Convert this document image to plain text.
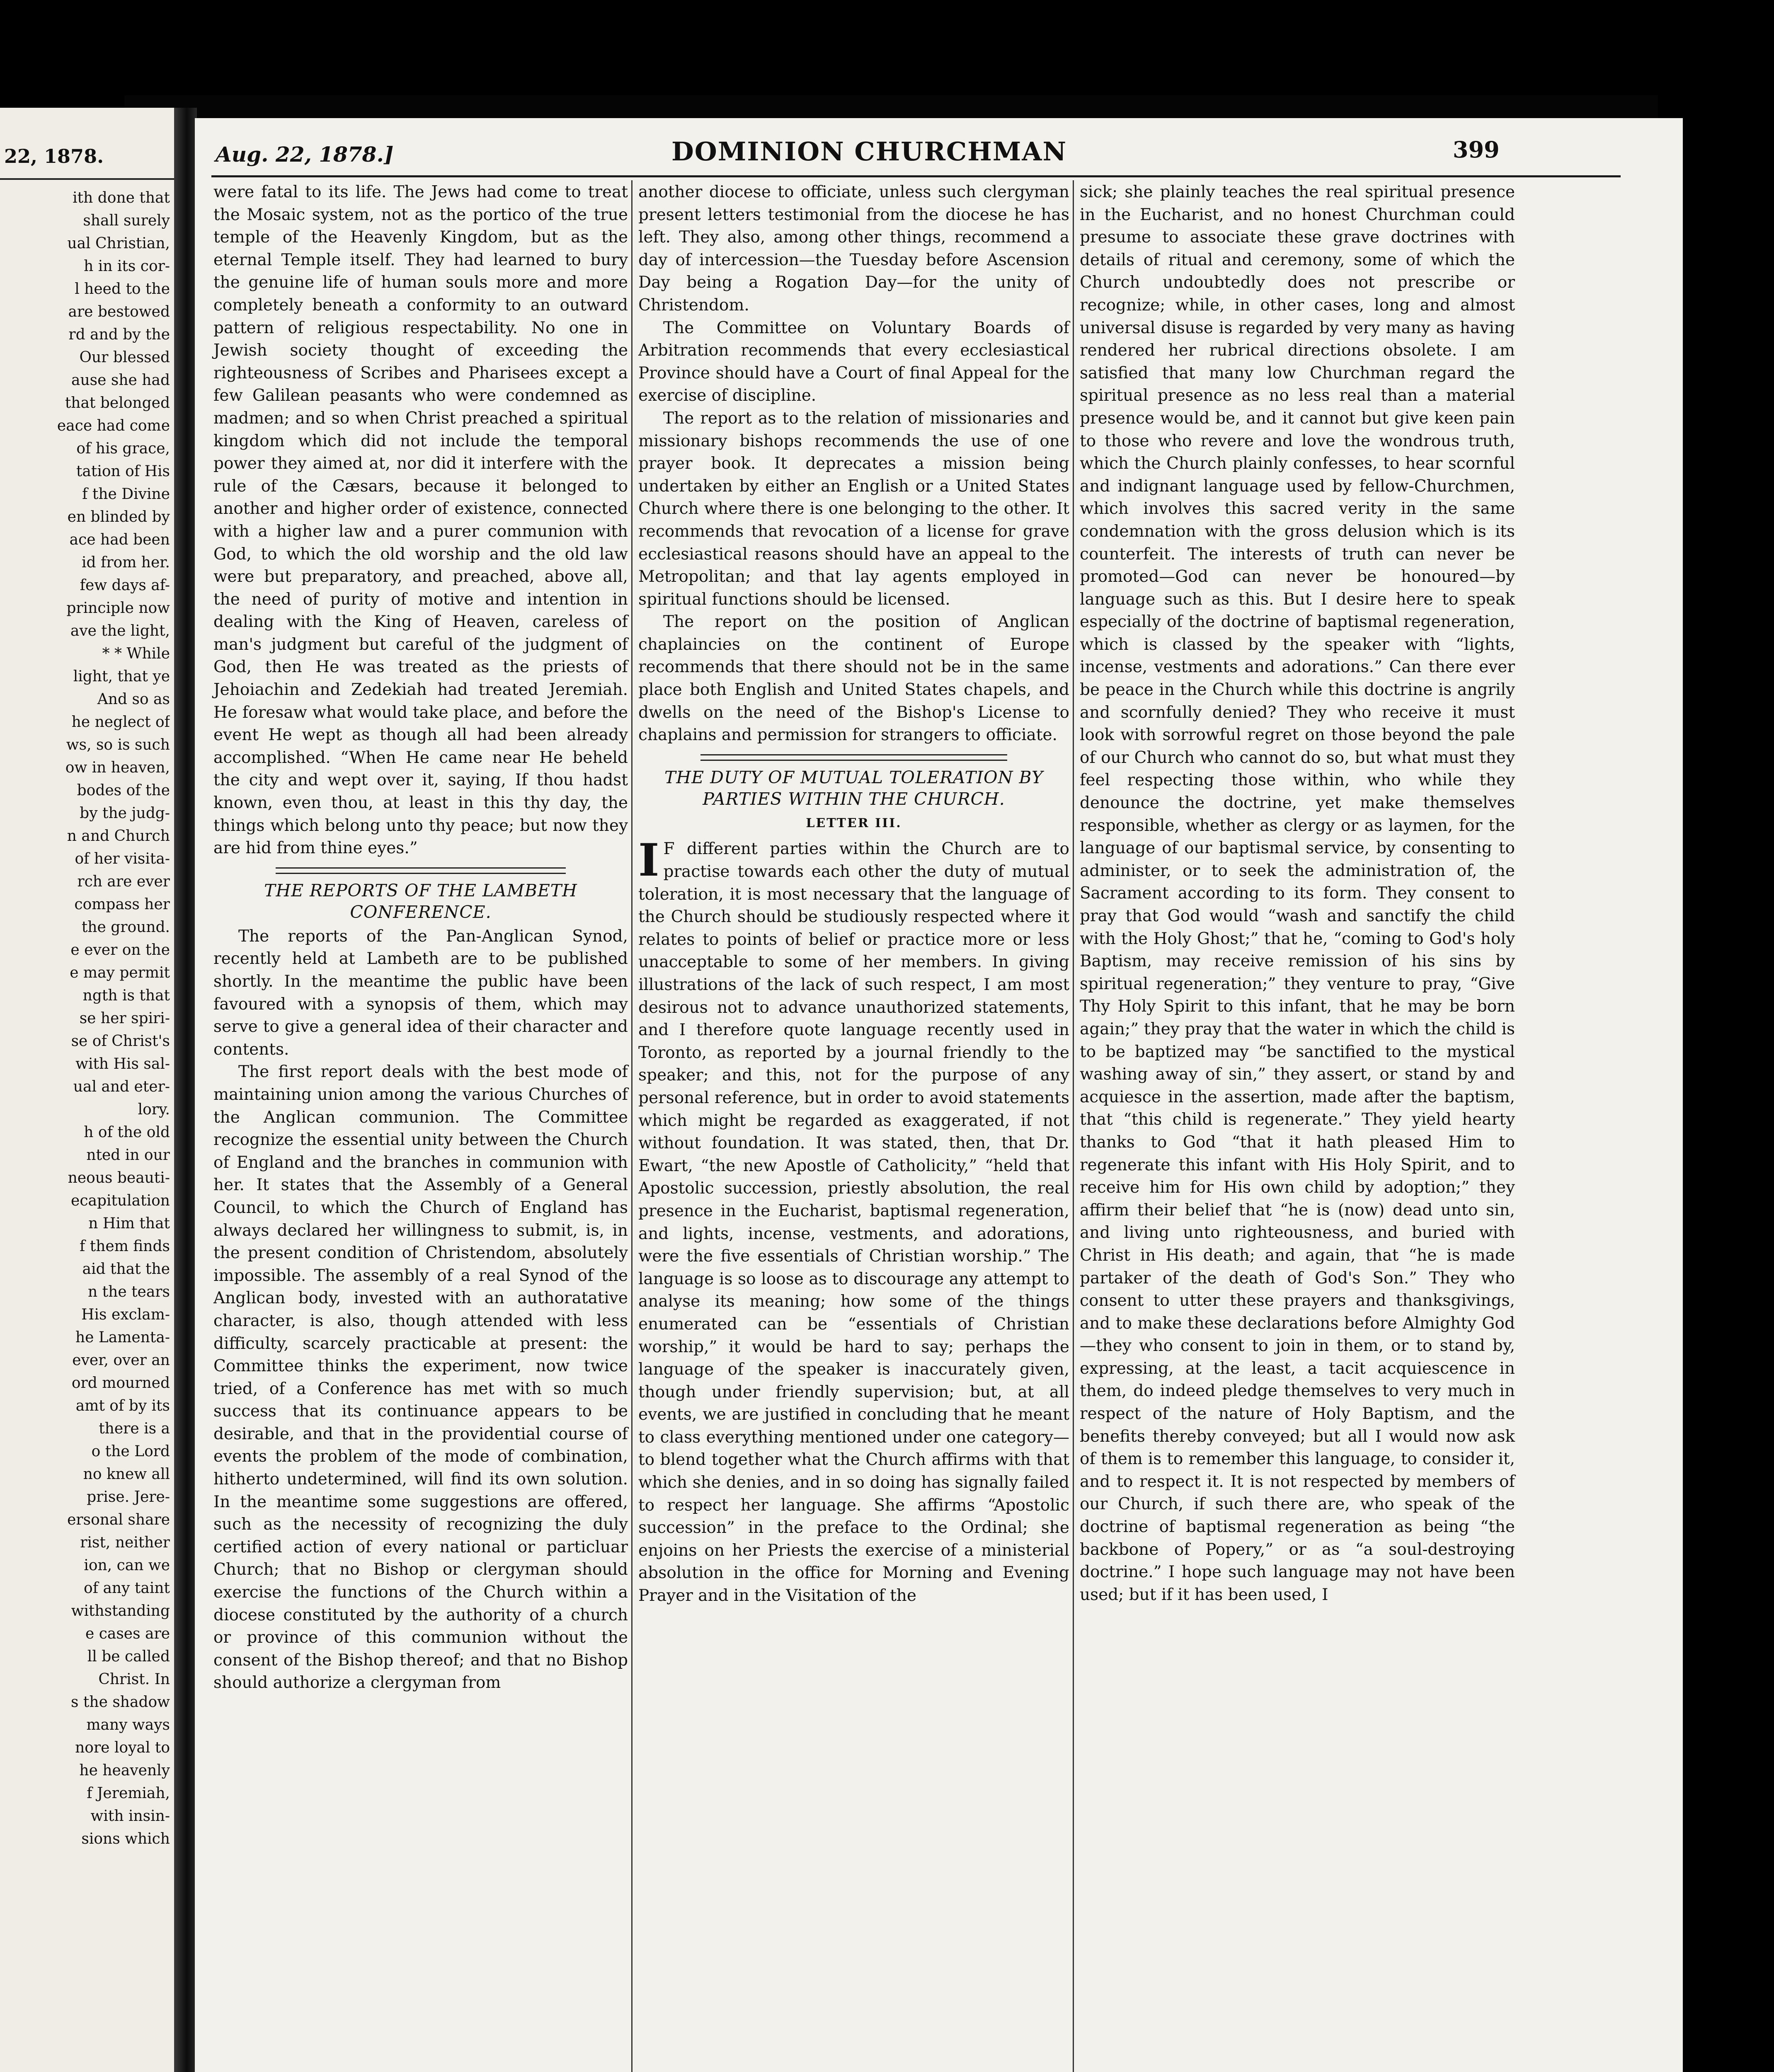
22, 1878.
ith done that
shall surely
ual Christian,
h in its cor-
l heed to the
are bestowed
rd and by the
Our blessed
ause she had
that belonged
eace had come
of his grace,
tation of His
f the Divine
en blinded by
ace had been
id from her.
few days af-
principle now
ave the light,
* * While
light, that ye
And so as
he neglect of
ws, so is such
ow in heaven,
bodes of the
by the judg-
n and Church
of her visita-
rch are ever
compass her
the ground.
e ever on the
e may permit
ngth is that
se her spiri-
se of Christ's
with His sal-
ual and eter-
lory.
h of the old
nted in our
neous beauti-
ecapitulation
n Him that
f them finds
aid that the
n the tears
His exclam-
he Lamenta-
ever, over an
ord mourned
amt of by its
there is a
o the Lord
no knew all
prise. Jere-
ersonal share
rist, neither
ion, can we
of any taint
withstanding
e cases are
ll be called
Christ. In
s the shadow
many ways
nore loyal to
he heavenly
f Jeremiah,
with insin-
sions which
Aug. 22, 1878.]	DOMINION CHURCHMAN	399

were fatal to its life. The Jews had come to treat the Mosaic system, not as the portico of the true temple of the Heavenly Kingdom, but as the eternal Temple itself. They had learned to bury the genuine life of human souls more and more completely beneath a conformity to an outward pattern of religious respectability. No one in Jewish society thought of exceeding the righteousness of Scribes and Pharisees except a few Galilean peasants who were condemned as madmen; and so when Christ preached a spiritual kingdom which did not include the temporal power they aimed at, nor did it interfere with the rule of the Cæsars, because it belonged to another and higher order of existence, connected with a higher law and a purer communion with God, to which the old worship and the old law were but preparatory, and preached, above all, the need of purity of motive and intention in dealing with the King of Heaven, careless of man's judgment but careful of the judgment of God, then He was treated as the priests of Jehoiachin and Zedekiah had treated Jeremiah. He foresaw what would take place, and before the event He wept as though all had been already accomplished. “When He came near He beheld the city and wept over it, saying, If thou hadst known, even thou, at least in this thy day, the things which belong unto thy peace; but now they are hid from thine eyes.”

THE REPORTS OF THE LAMBETH CONFERENCE.

The reports of the Pan-Anglican Synod, recently held at Lambeth are to be published shortly. In the meantime the public have been favoured with a synopsis of them, which may serve to give a general idea of their character and contents.

The first report deals with the best mode of maintaining union among the various Churches of the Anglican communion. The Committee recognize the essential unity between the Church of England and the branches in communion with her. It states that the Assembly of a General Council, to which the Church of England has always declared her willingness to submit, is, in the present condition of Christendom, absolutely impossible. The assembly of a real Synod of the Anglican body, invested with an authoratative character, is also, though attended with less difficulty, scarcely practicable at present: the Committee thinks the experiment, now twice tried, of a Conference has met with so much success that its continuance appears to be desirable, and that in the providential course of events the problem of the mode of combination, hitherto undetermined, will find its own solution. In the meantime some suggestions are offered, such as the necessity of recognizing the duly certified action of every national or particluar Church; that no Bishop or clergyman should exercise the functions of the Church within a diocese constituted by the authority of a church or province of this communion without the consent of the Bishop thereof; and that no Bishop should authorize a clergyman from

another diocese to officiate, unless such clergyman present letters testimonial from the diocese he has left. They also, among other things, recommend a day of intercession—the Tuesday before Ascension Day being a Rogation Day—for the unity of Christendom.

The Committee on Voluntary Boards of Arbitration recommends that every ecclesiastical Province should have a Court of final Appeal for the exercise of discipline.

The report as to the relation of missionaries and missionary bishops recommends the use of one prayer book. It deprecates a mission being undertaken by either an English or a United States Church where there is one belonging to the other. It recommends that revocation of a license for grave ecclesiastical reasons should have an appeal to the Metropolitan; and that lay agents employed in spiritual functions should be licensed.

The report on the position of Anglican chaplaincies on the continent of Europe recommends that there should not be in the same place both English and United States chapels, and dwells on the need of the Bishop's License to chaplains and permission for strangers to officiate.

THE DUTY OF MUTUAL TOLERATION BY PARTIES WITHIN THE CHURCH.
LETTER III.

I F different parties within the Church are to practise towards each other the duty of mutual toleration, it is most necessary that the language of the Church should be studiously respected where it relates to points of belief or practice more or less unacceptable to some of her members. In giving illustrations of the lack of such respect, I am most desirous not to advance unauthorized statements, and I therefore quote language recently used in Toronto, as reported by a journal friendly to the speaker; and this, not for the purpose of any personal reference, but in order to avoid statements which might be regarded as exaggerated, if not without foundation. It was stated, then, that Dr. Ewart, “the new Apostle of Catholicity,” “held that Apostolic succession, priestly absolution, the real presence in the Eucharist, baptismal regeneration, and lights, incense, vestments, and adorations, were the five essentials of Christian worship.” The language is so loose as to discourage any attempt to analyse its meaning; how some of the things enumerated can be “essentials of Christian worship,” it would be hard to say; perhaps the language of the speaker is inaccurately given, though under friendly supervision; but, at all events, we are justified in concluding that he meant to class everything mentioned under one category—to blend together what the Church affirms with that which she denies, and in so doing has signally failed to respect her language. She affirms “Apostolic succession” in the preface to the Ordinal; she enjoins on her Priests the exercise of a ministerial absolution in the office for Morning and Evening Prayer and in the Visitation of the

sick; she plainly teaches the real spiritual presence in the Eucharist, and no honest Churchman could presume to associate these grave doctrines with details of ritual and ceremony, some of which the Church undoubtedly does not prescribe or recognize; while, in other cases, long and almost universal disuse is regarded by very many as having rendered her rubrical directions obsolete. I am satisfied that many low Churchman regard the spiritual presence as no less real than a material presence would be, and it cannot but give keen pain to those who revere and love the wondrous truth, which the Church plainly confesses, to hear scornful and indignant language used by fellow-Churchmen, which involves this sacred verity in the same condemnation with the gross delusion which is its counterfeit. The interests of truth can never be promoted—God can never be honoured—by language such as this. But I desire here to speak especially of the doctrine of baptismal regeneration, which is classed by the speaker with “lights, incense, vestments and adorations.” Can there ever be peace in the Church while this doctrine is angrily and scornfully denied? They who receive it must look with sorrowful regret on those beyond the pale of our Church who cannot do so, but what must they feel respecting those within, who while they denounce the doctrine, yet make themselves responsible, whether as clergy or as laymen, for the language of our baptismal service, by consenting to administer, or to seek the administration of, the Sacrament according to its form. They consent to pray that God would “wash and sanctify the child with the Holy Ghost;” that he, “coming to God's holy Baptism, may receive remission of his sins by spiritual regeneration;” they venture to pray, “Give Thy Holy Spirit to this infant, that he may be born again;” they pray that the water in which the child is to be baptized may “be sanctified to the mystical washing away of sin,” they assert, or stand by and acquiesce in the assertion, made after the baptism, that “this child is regenerate.” They yield hearty thanks to God “that it hath pleased Him to regenerate this infant with His Holy Spirit, and to receive him for His own child by adoption;” they affirm their belief that “he is (now) dead unto sin, and living unto righteousness, and buried with Christ in His death; and again, that “he is made partaker of the death of God's Son.” They who consent to utter these prayers and thanksgivings, and to make these declarations before Almighty God—they who consent to join in them, or to stand by, expressing, at the least, a tacit acquiescence in them, do indeed pledge themselves to very much in respect of the nature of Holy Baptism, and the benefits thereby conveyed; but all I would now ask of them is to remember this language, to consider it, and to respect it. It is not respected by members of our Church, if such there are, who speak of the doctrine of baptismal regeneration as being “the backbone of Popery,” or as “a soul-destroying doctrine.” I hope such language may not have been used; but if it has been used, I
